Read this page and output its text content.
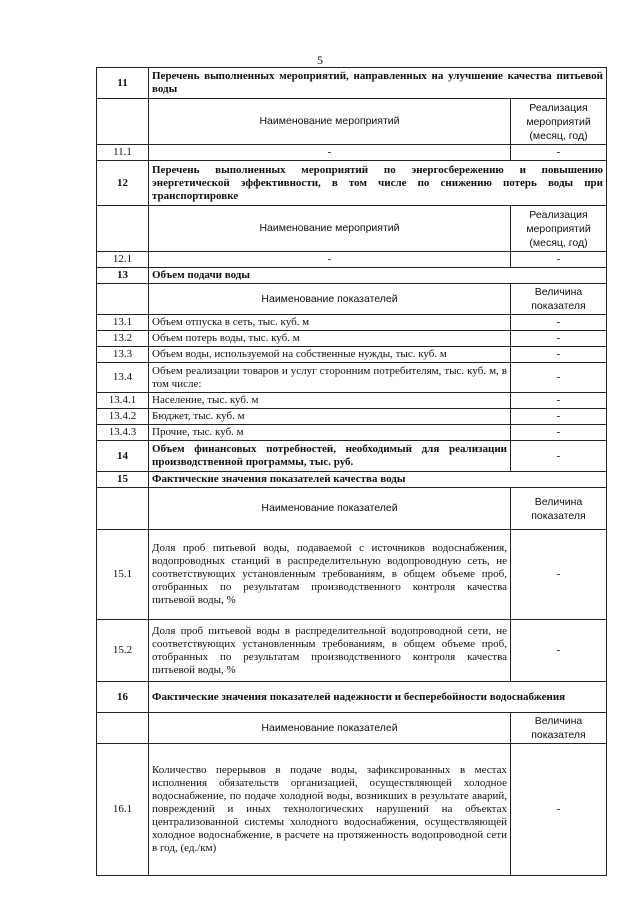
5
11	Перечень выполненных мероприятий, направленных на улучшение качества питьевой воды	
	Наименование мероприятий	Реализация мероприятий (месяц, год)
11.1	-	-
12	Перечень выполненных мероприятий по энергосбережению и повышению энергетической эффективности, в том числе по снижению потерь воды при транспортировке	
	Наименование мероприятий	Реализация мероприятий (месяц, год)
12.1	-	-
13	Объем подачи воды	
	Наименование показателей	Величина показателя
13.1	Объем отпуска в сеть, тыс. куб. м	-
13.2	Объем потерь воды, тыс. куб. м	-
13.3	Объем воды, используемой на собственные нужды, тыс. куб. м	-
13.4	Объем реализации товаров и услуг сторонним потребителям, тыс. куб. м, в том числе:	-
13.4.1	Население, тыс. куб. м	-
13.4.2	Бюджет, тыс. куб. м	-
13.4.3	Прочие, тыс. куб. м	-
14	Объем финансовых потребностей, необходимый для реализации производственной программы, тыс. руб.	-
15	Фактические значения показателей качества воды	
	Наименование показателей	Величина показателя
15.1	Доля проб питьевой воды, подаваемой с источников водоснабжения, водопроводных станций в распределительную водопроводную сеть, не соответствующих установленным требованиям, в общем объеме проб, отобранных по результатам производственного контроля качества питьевой воды, %	-
15.2	Доля проб питьевой воды в распределительной водопроводной сети, не соответствующих установленным требованиям, в общем объеме проб, отобранных по результатам производственного контроля качества питьевой воды, %	-
16	Фактические значения показателей надежности и бесперебойности водоснабжения	
	Наименование показателей	Величина показателя
16.1	Количество перерывов в подаче воды, зафиксированных в местах исполнения обязательств организацией, осуществляющей холодное водоснабжение, по подаче холодной воды, возникших в результате аварий, повреждений и иных технологических нарушений на объектах централизованной системы холодного водоснабжения, осуществляющей холодное водоснабжение, в расчете на протяженность водопроводной сети в год, (ед./км)	-
